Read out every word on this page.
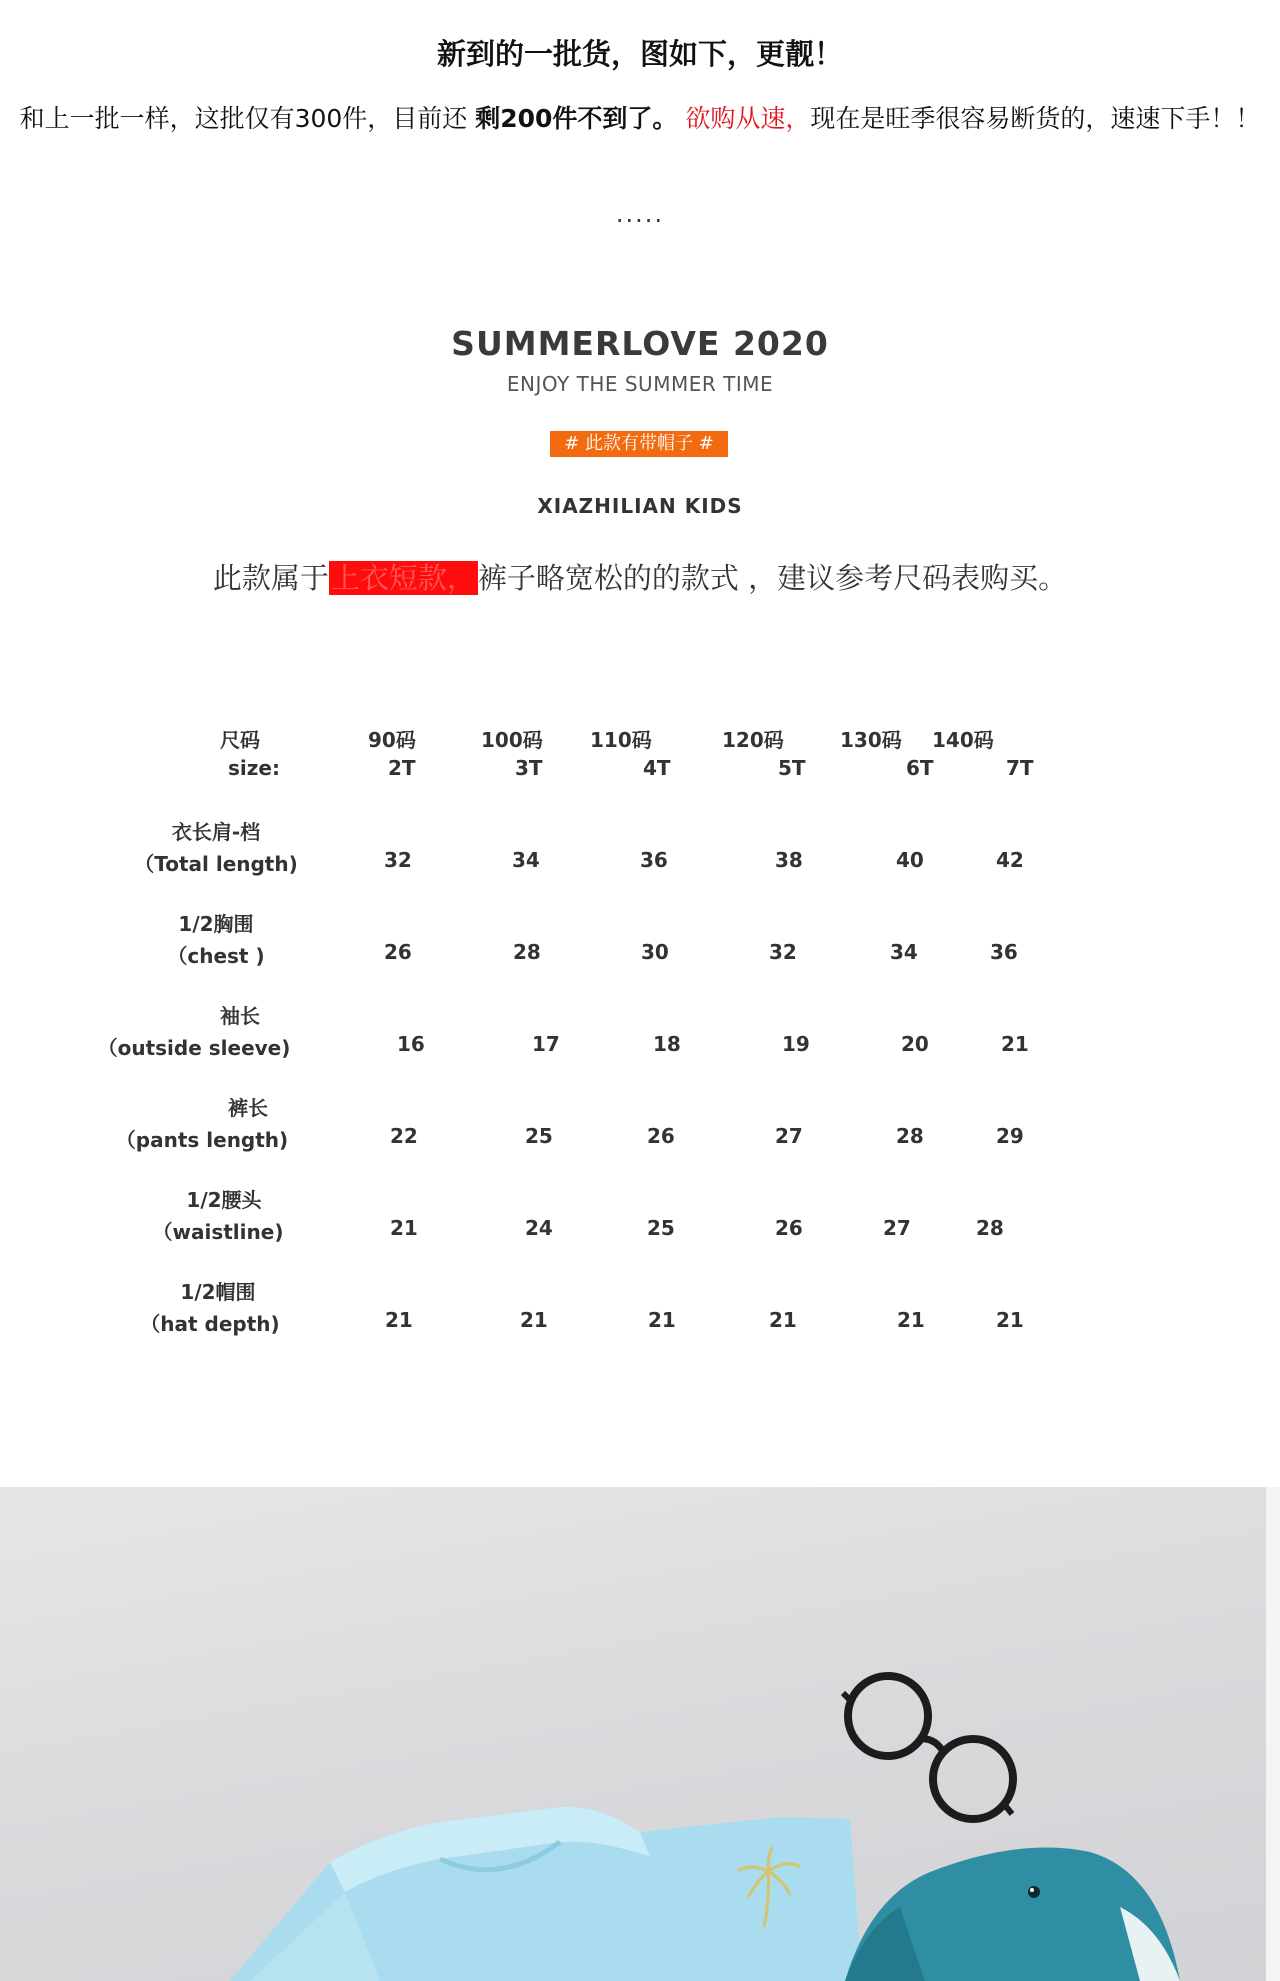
新到的一批货，图如下，更靓！
和上一批一样，这批仅有300件，目前还 剩200件不到了。 欲购从速，现在是旺季很容易断货的，速速下手！！
.....
SUMMERLOVE 2020
ENJOY THE SUMMER TIME
# 此款有带帽子 #
XIAZHILIAN KIDS
此款属于上衣短款，裤子略宽松的的款式 ，建议参考尺码表购买。
尺码
size:
90码	100码 110码	120码	130码 140码
2T	3T	4T	5T	6T	7T
衣长肩-档
（Total length)	32	34	36	38	40	42
1/2胸围
（chest )	26	28	30	32	34	36
袖长
（outside sleeve)	16	17	18	19	20	21
裤长
（pants length)	22	25	26	27	28	29
1/2腰头
（waistline)	21	24	25	26	27	28
1/2帽围
（hat depth)	21	21	21	21	21	21
